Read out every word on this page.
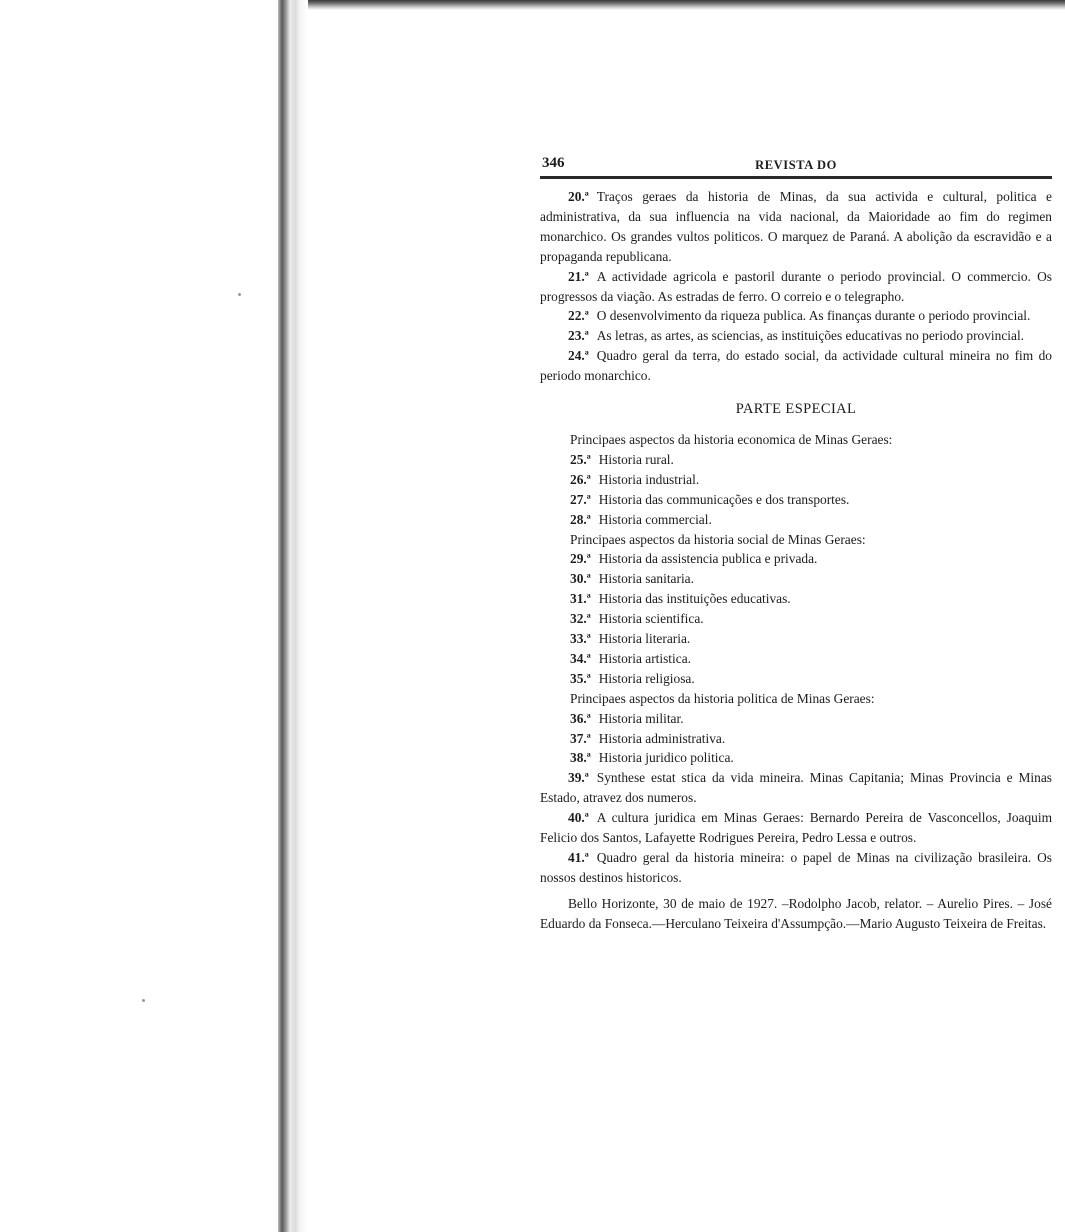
346	REVISTA DO

20.ª Traços geraes da historia de Minas, da sua activida e cultural, politica e administrativa, da sua influencia na vida nacional, da Maioridade ao fim do regimen monarchico. Os grandes vultos politicos. O marquez de Paraná. A abolição da escravidão e a propaganda republicana.

21.ª A actividade agricola e pastoril durante o periodo provincial. O commercio. Os progressos da viação. As estradas de ferro. O correio e o telegrapho.

22.ª O desenvolvimento da riqueza publica. As finanças durante o periodo provincial.

23.ª As letras, as artes, as sciencias, as instituições educativas no periodo provincial.

24.ª Quadro geral da terra, do estado social, da actividade cultural mineira no fim do periodo monarchico.

PARTE ESPECIAL

Principaes aspectos da historia economica de Minas Geraes:

25.ª Historia rural.
26.ª Historia industrial.
27.ª Historia das communicações e dos transportes.
28.ª Historia commercial.

Principaes aspectos da historia social de Minas Geraes:

29.ª Historia da assistencia publica e privada.
30.ª Historia sanitaria.
31.ª Historia das instituições educativas.
32.ª Historia scientifica.
33.ª Historia literaria.
34.ª Historia artistica.
35.ª Historia religiosa.

Principaes aspectos da historia politica de Minas Geraes:

36.ª Historia militar.
37.ª Historia administrativa.
38.ª Historia juridico politica.

39.ª Synthese estat stica da vida mineira. Minas Capitania; Minas Provincia e Minas Estado, atravez dos numeros.

40.ª A cultura juridica em Minas Geraes: Bernardo Pereira de Vasconcellos, Joaquim Felicio dos Santos, Lafayette Rodrigues Pereira, Pedro Lessa e outros.

41.ª Quadro geral da historia mineira: o papel de Minas na civilização brasileira. Os nossos destinos historicos.

Bello Horizonte, 30 de maio de 1927. –Rodolpho Jacob, relator. – Aurelio Pires. – José Eduardo da Fonseca.—Herculano Teixeira d'Assumpção.—Mario Augusto Teixeira de Freitas.
